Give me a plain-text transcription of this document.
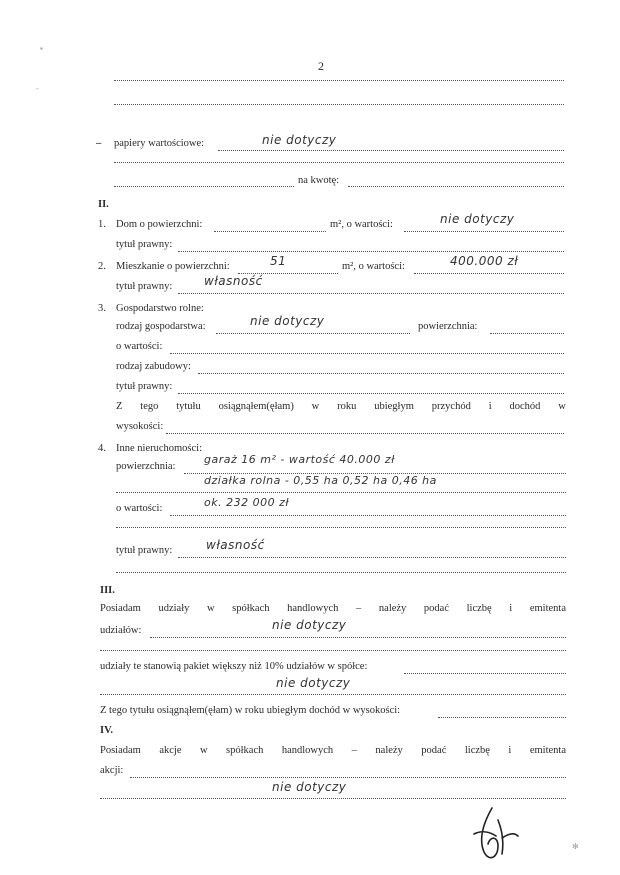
▪
-
2
– papiery wartościowe:	nie dotyczy
na kwotę:
II.
1. Dom o powierzchni:	m², o wartości:	nie dotyczy
tytuł prawny:
2. Mieszkanie o powierzchni:	51	m², o wartości:	400.000 zł
tytuł prawny:	własność
3. Gospodarstwo rolne:
rodzaj gospodarstwa:	nie dotyczy	powierzchnia:
o wartości:
rodzaj zabudowy:
tytuł prawny:
Z tego tytułu osiągnąłem(ęłam) w roku ubiegłym przychód i dochód w
wysokości:
4. Inne nieruchomości:
powierzchnia:
garaż 16 m² - wartość 40.000 zł
działka rolna - 0,55 ha 0,52 ha 0,46 ha
o wartości:	ok. 232 000 zł
tytuł prawny:	własność
III.
Posiadam udziały w spółkach handlowych – należy podać liczbę i emitenta
udziałów:	nie dotyczy
udziały te stanowią pakiet większy niż 10% udziałów w spółce:
nie dotyczy
Z tego tytułu osiągnąłem(ęłam) w roku ubiegłym dochód w wysokości:
IV.
Posiadam akcje w spółkach handlowych – należy podać liczbę i emitenta
akcji:
nie dotyczy
✻
